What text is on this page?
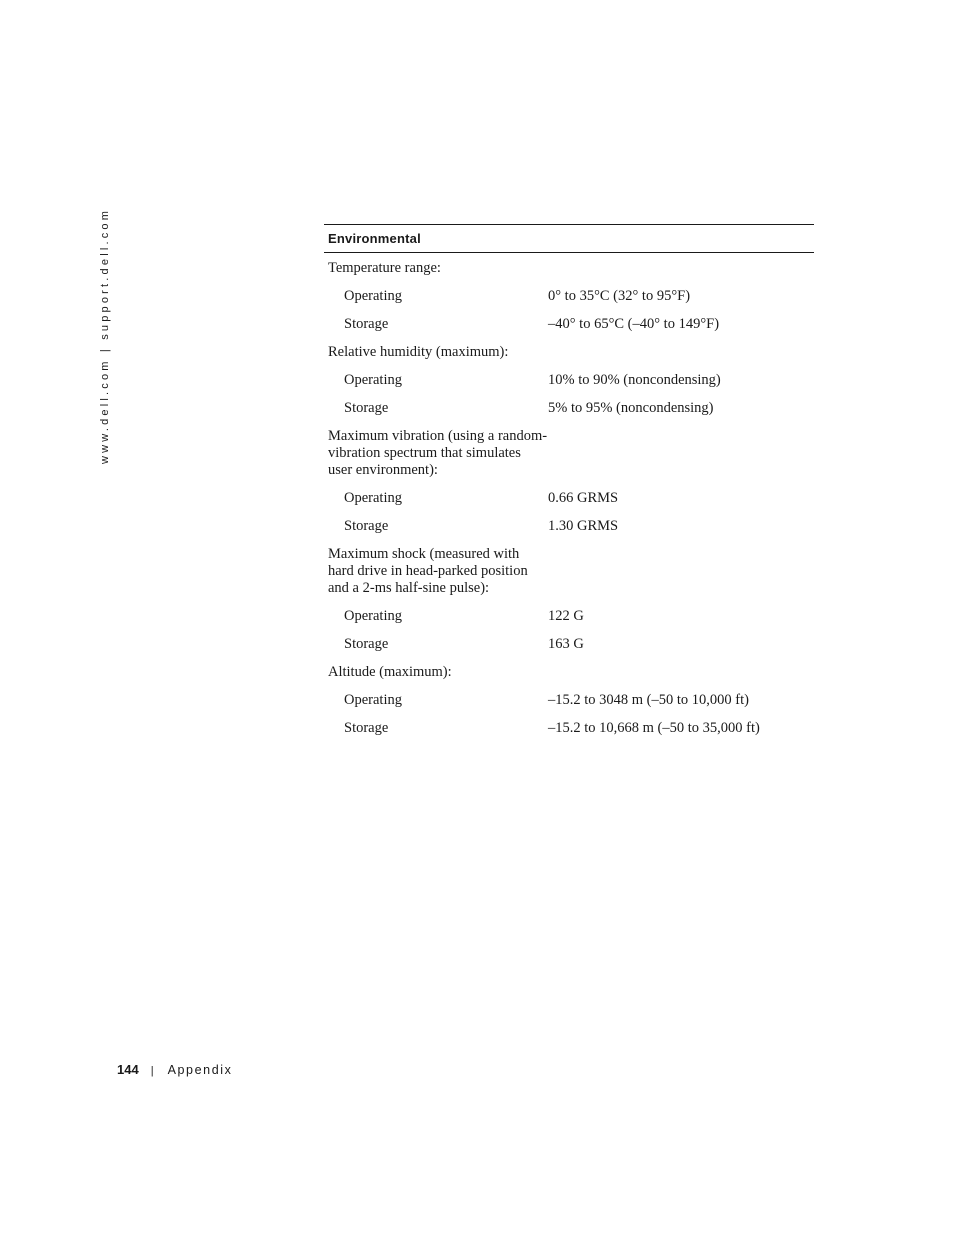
www.dell.com | support.dell.com	Environmental
Temperature range:
Operating	0° to 35°C (32° to 95°F)
Storage	–40° to 65°C (–40° to 149°F)
Relative humidity (maximum):
Operating	10% to 90% (noncondensing)
Storage	5% to 95% (noncondensing)
Maximum vibration (using a random-vibration spectrum that simulates user environment):
Operating	0.66 GRMS
Storage	1.30 GRMS
Maximum shock (measured with hard drive in head-parked position and a 2-ms half-sine pulse):
Operating	122 G
Storage	163 G
Altitude (maximum):
Operating	–15.2 to 3048 m (–50 to 10,000 ft)
Storage	–15.2 to 10,668 m (–50 to 35,000 ft)
144 | Appendix
